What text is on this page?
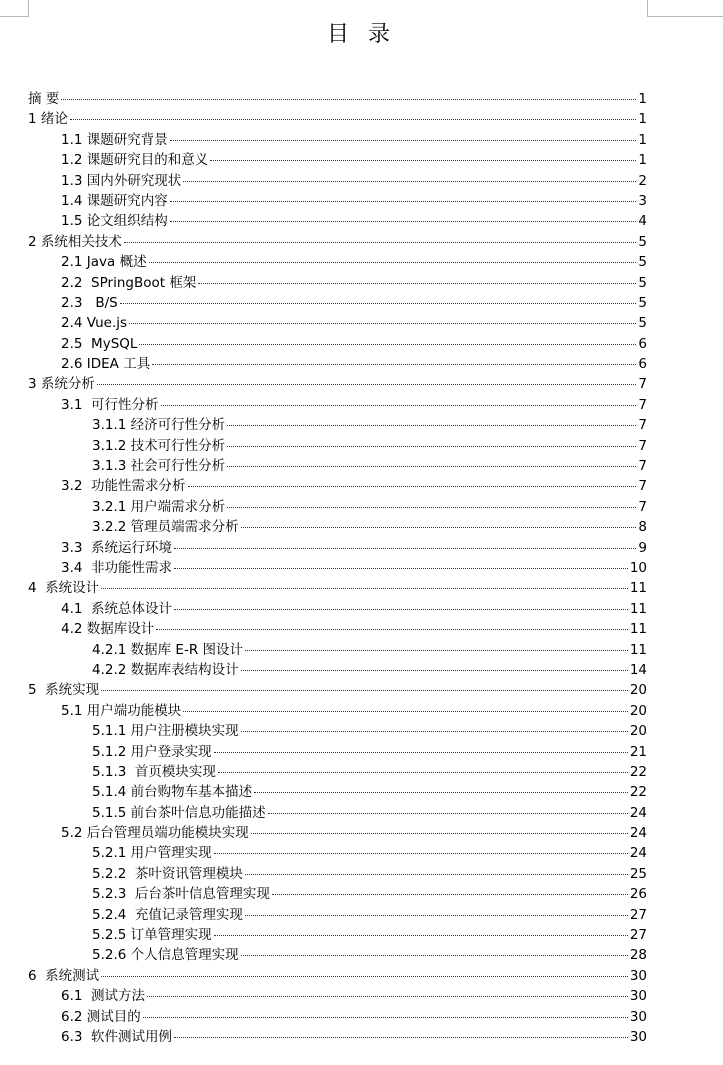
目 录
摘 要	1
1 绪论	1
1.1 课题研究背景	1
1.2 课题研究目的和意义	1
1.3 国内外研究现状	2
1.4 课题研究内容	3
1.5 论文组织结构	4
2 系统相关技术	5
2.1 Java 概述	5
2.2  SPringBoot 框架	5
2.3   B/S	5
2.4 Vue.js	5
2.5  MySQL	6
2.6 IDEA 工具	6
3 系统分析	7
3.1  可行性分析	7
3.1.1 经济可行性分析	7
3.1.2 技术可行性分析	7
3.1.3 社会可行性分析	7
3.2  功能性需求分析	7
3.2.1 用户端需求分析	7
3.2.2 管理员端需求分析	8
3.3  系统运行环境	9
3.4  非功能性需求	10
4  系统设计	11
4.1  系统总体设计	11
4.2 数据库设计	11
4.2.1 数据库 E-R 图设计	11
4.2.2 数据库表结构设计	14
5  系统实现	20
5.1 用户端功能模块	20
5.1.1 用户注册模块实现	20
5.1.2 用户登录实现	21
5.1.3  首页模块实现	22
5.1.4 前台购物车基本描述	22
5.1.5 前台茶叶信息功能描述	24
5.2 后台管理员端功能模块实现	24
5.2.1 用户管理实现	24
5.2.2  茶叶资讯管理模块	25
5.2.3  后台茶叶信息管理实现	26
5.2.4  充值记录管理实现	27
5.2.5 订单管理实现	27
5.2.6 个人信息管理实现	28
6  系统测试	30
6.1  测试方法	30
6.2 测试目的	30
6.3  软件测试用例	30
